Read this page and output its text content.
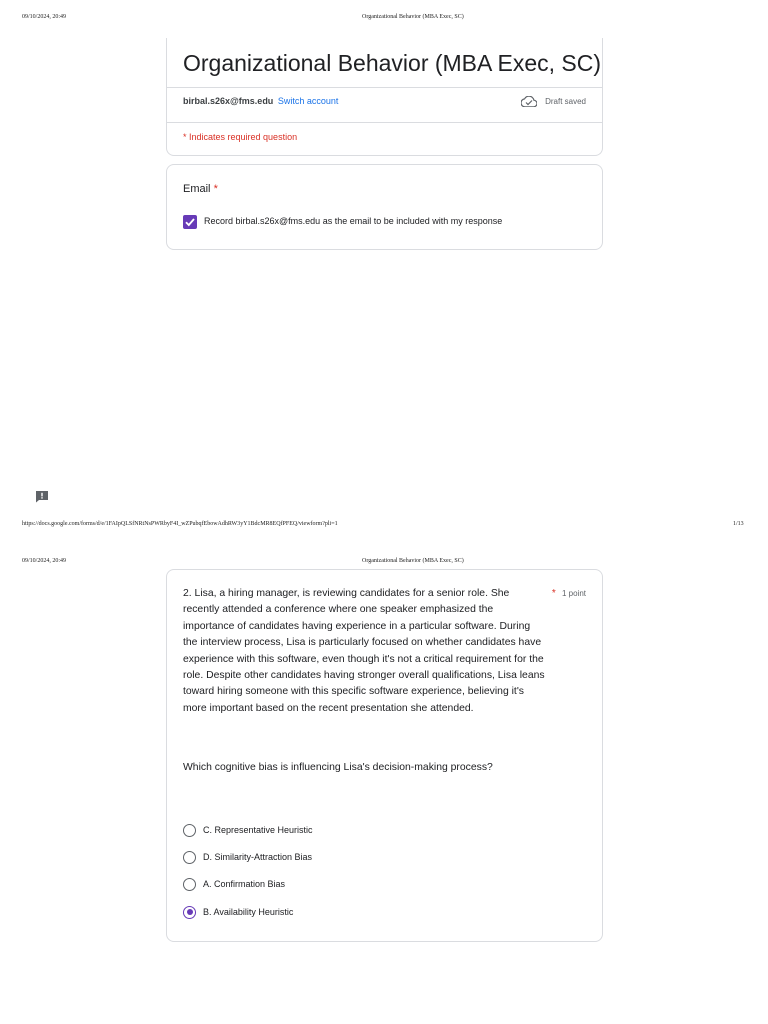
09/10/2024, 20:49	Organizational Behavior (MBA Exec, SC)
Organizational Behavior (MBA Exec, SC)
birbal.s26x@fms.edu Switch account	Draft saved
* Indicates required question
Email *
Record birbal.s26x@fms.edu as the email to be included with my response
https://docs.google.com/forms/d/e/1FAIpQLSfNRtNsPWRbyF4I_wZPubqfEbowAdhRW3yY1BdcMR8EQfPFEQ/viewform?pli=1	1/13
09/10/2024, 20:49	Organizational Behavior (MBA Exec, SC)
2. Lisa, a hiring manager, is reviewing candidates for a senior role. She recently attended a conference where one speaker emphasized the importance of candidates having experience in a particular software. During the interview process, Lisa is particularly focused on whether candidates have experience with this software, even though it's not a critical requirement for the role. Despite other candidates having stronger overall qualifications, Lisa leans toward hiring someone with this specific software experience, believing it's more important based on the recent presentation she attended.
* 1 point
Which cognitive bias is influencing Lisa's decision-making process?
C. Representative Heuristic
D. Similarity-Attraction Bias
A. Confirmation Bias
B. Availability Heuristic
